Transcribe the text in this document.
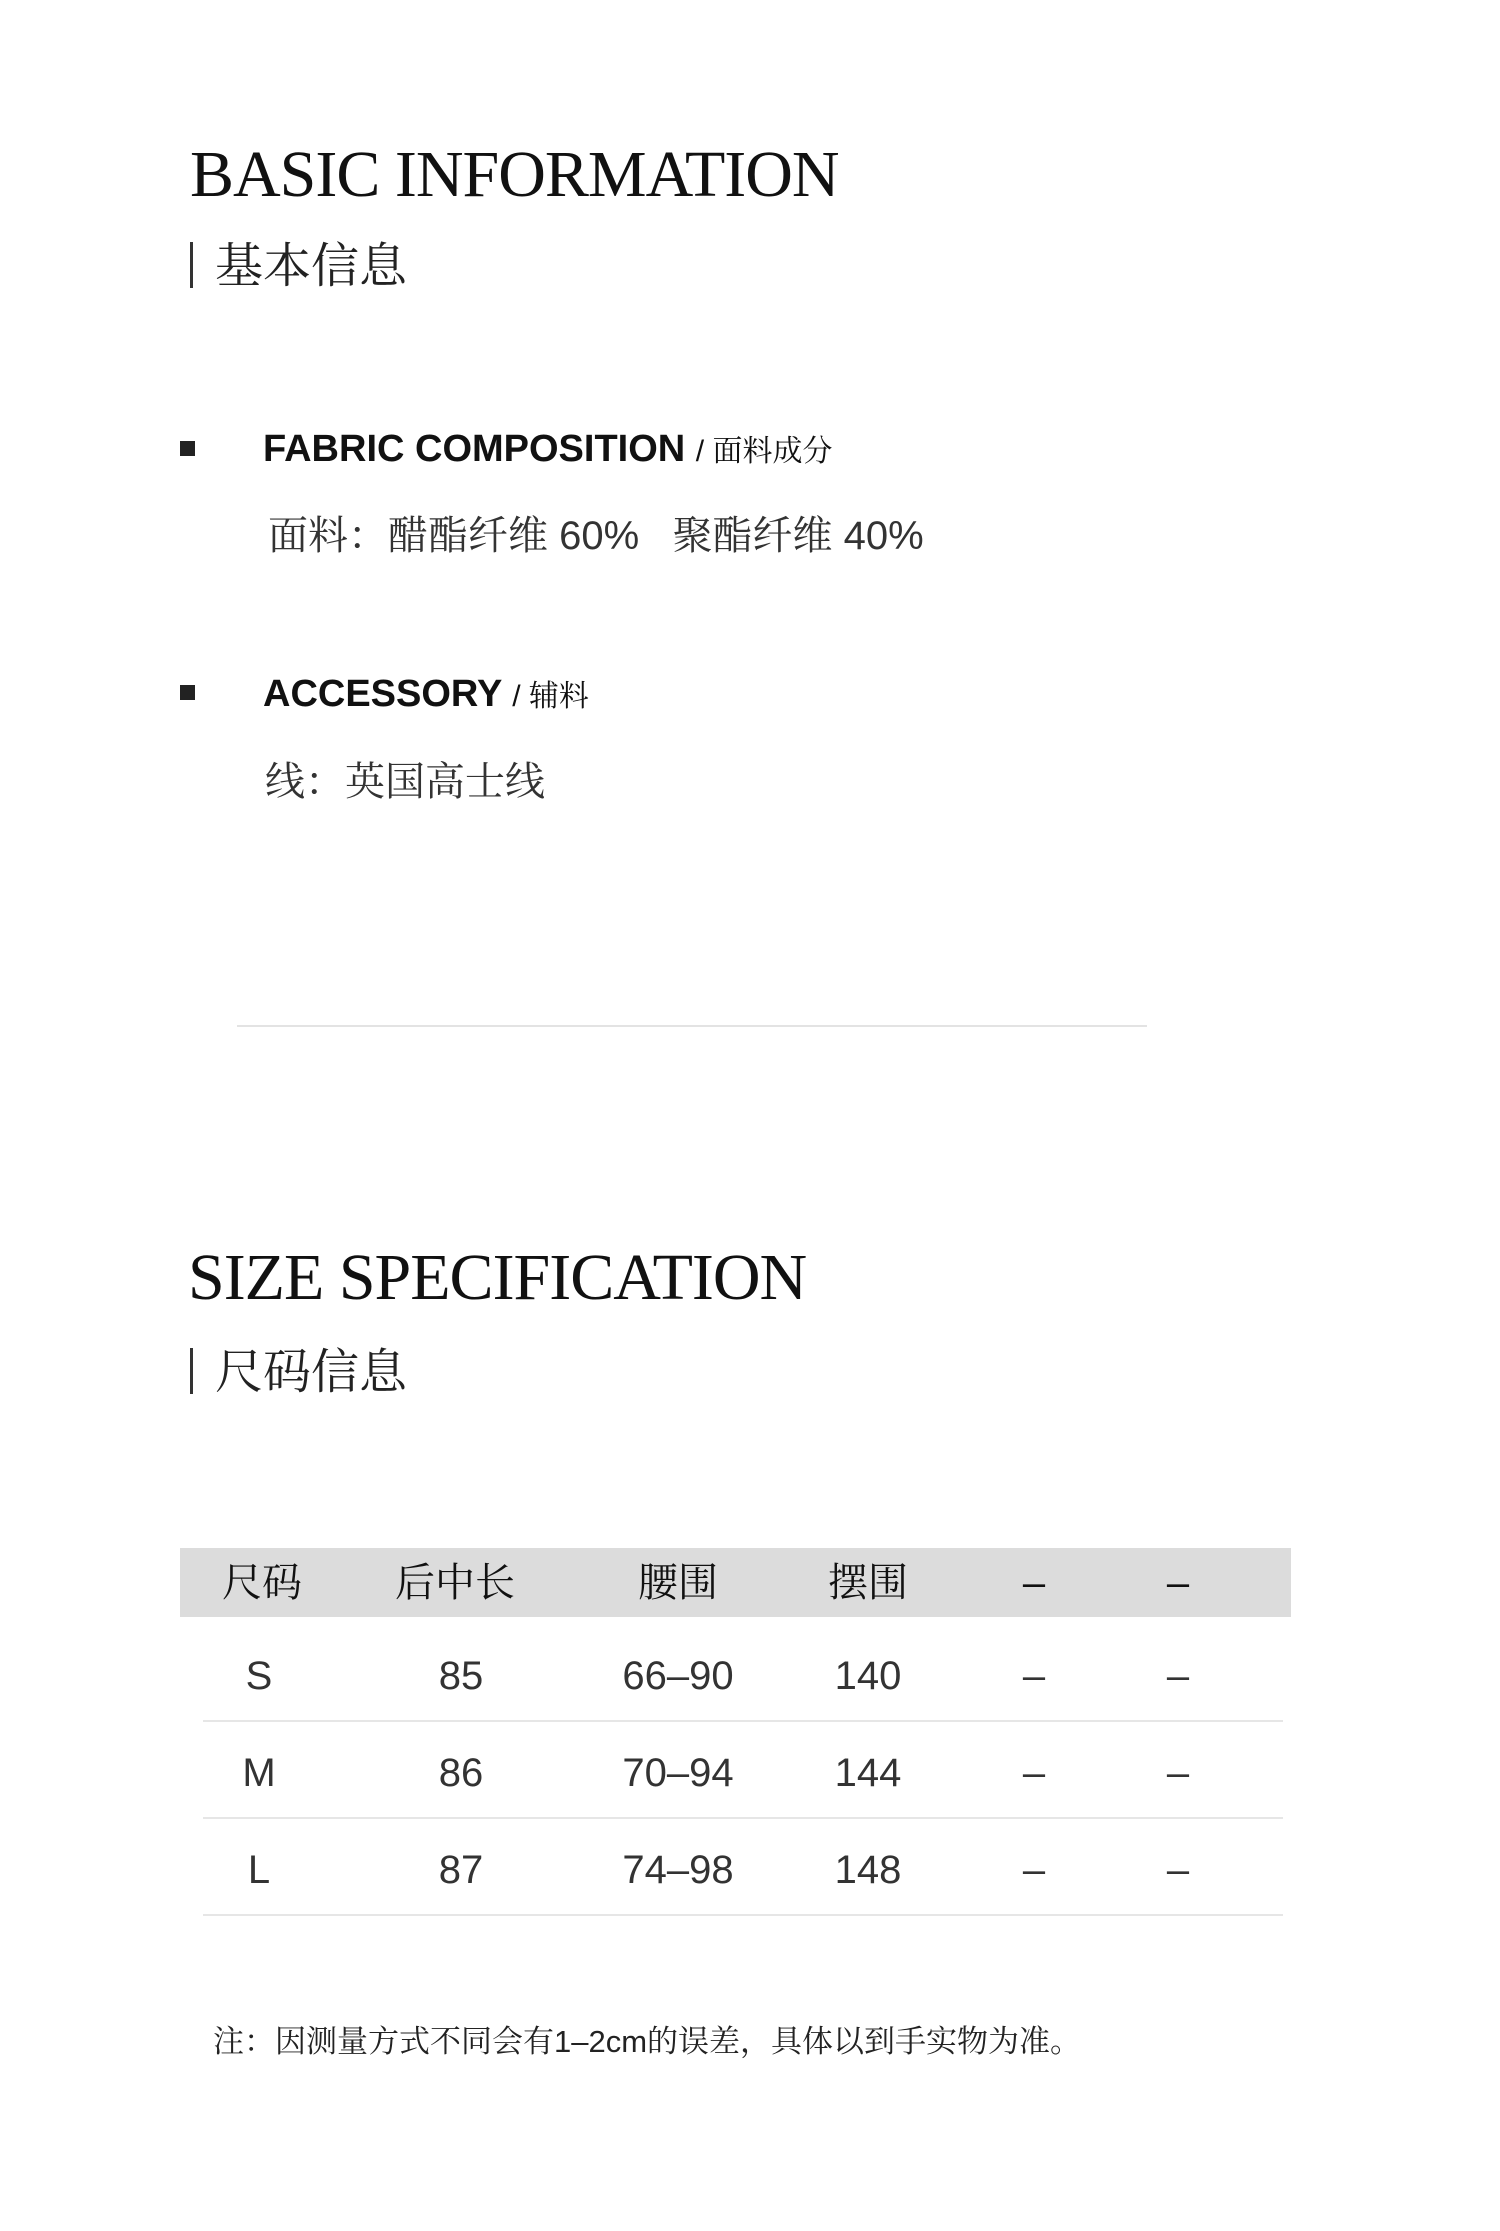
BASIC INFORMATION
基本信息
FABRIC COMPOSITION / 面料成分
面料：醋酯纤维 60%   聚酯纤维 40%
ACCESSORY / 辅料
线：英国高士线
SIZE SPECIFICATION
尺码信息
尺码	后中长	腰围	摆围	–	–
S	85	66–90	140	–	–
M	86	70–94	144	–	–
L	87	74–98	148	–	–
注：因测量方式不同会有1–2cm的误差，具体以到手实物为准。
